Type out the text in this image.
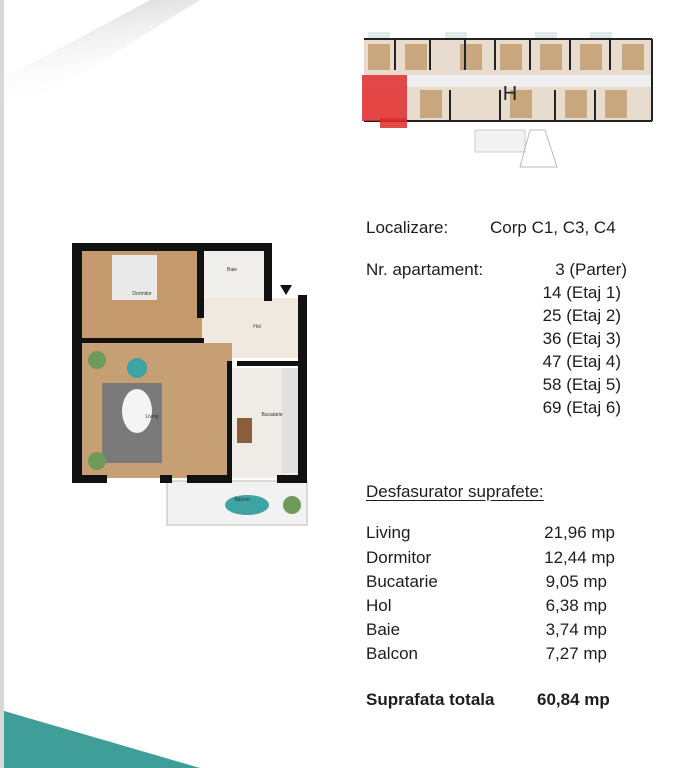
H
Dormitor
Baie
Hol
Living	Bucatarie
Balcon
Localizare: Corp C1, C3, C4
Nr. apartament:	3 (Parter)
14 (Etaj 1)
25 (Etaj 2)
36 (Etaj 3)
47 (Etaj 4)
58 (Etaj 5)
69 (Etaj 6)
Desfasurator suprafete:
Living	21,96 mp
Dormitor	12,44 mp
Bucatarie	9,05 mp
Hol	6,38 mp
Baie	3,74 mp
Balcon	7,27 mp
Suprafata totala	60,84 mp
